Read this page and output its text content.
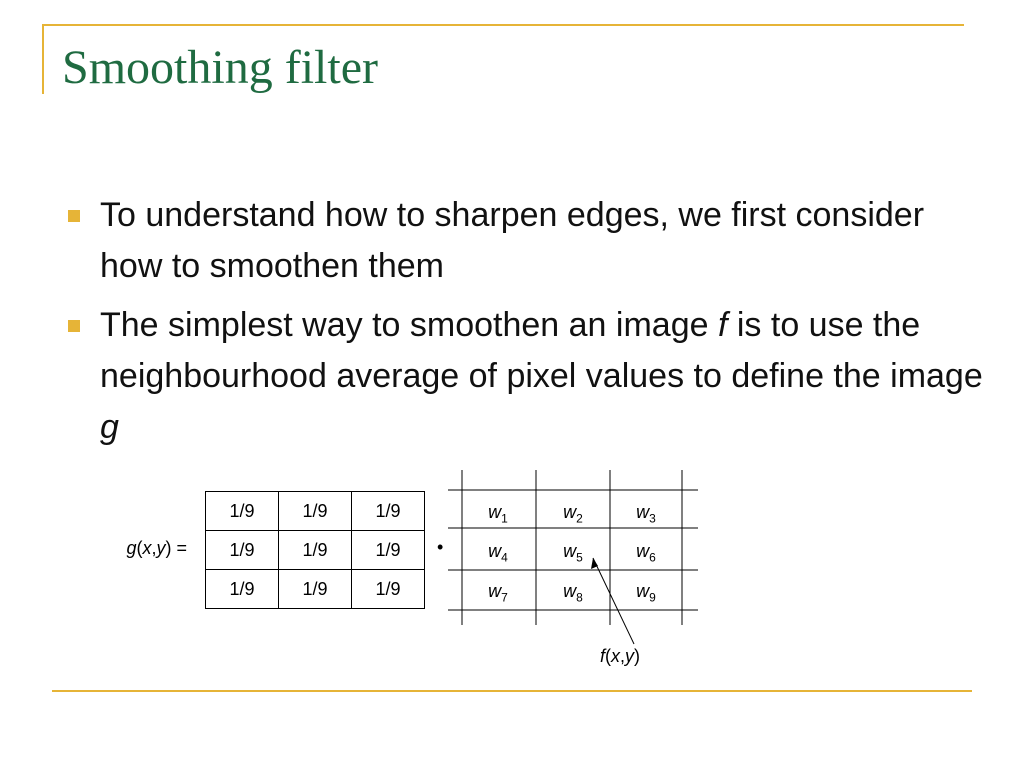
Smoothing filter
To understand how to sharpen edges, we first consider how to smoothen them
The simplest way to smoothen an image f is to use the neighbourhood average of pixel values to define the image g
g(x,y) =
1/9	1/9	1/9
1/9	1/9	1/9
1/9	1/9	1/9
•
$w_1$	$w_2$	$w_3$
$w_4$	$w_5$	$w_6$
$w_7$	$w_8$	$w_9$
f(x,y)
